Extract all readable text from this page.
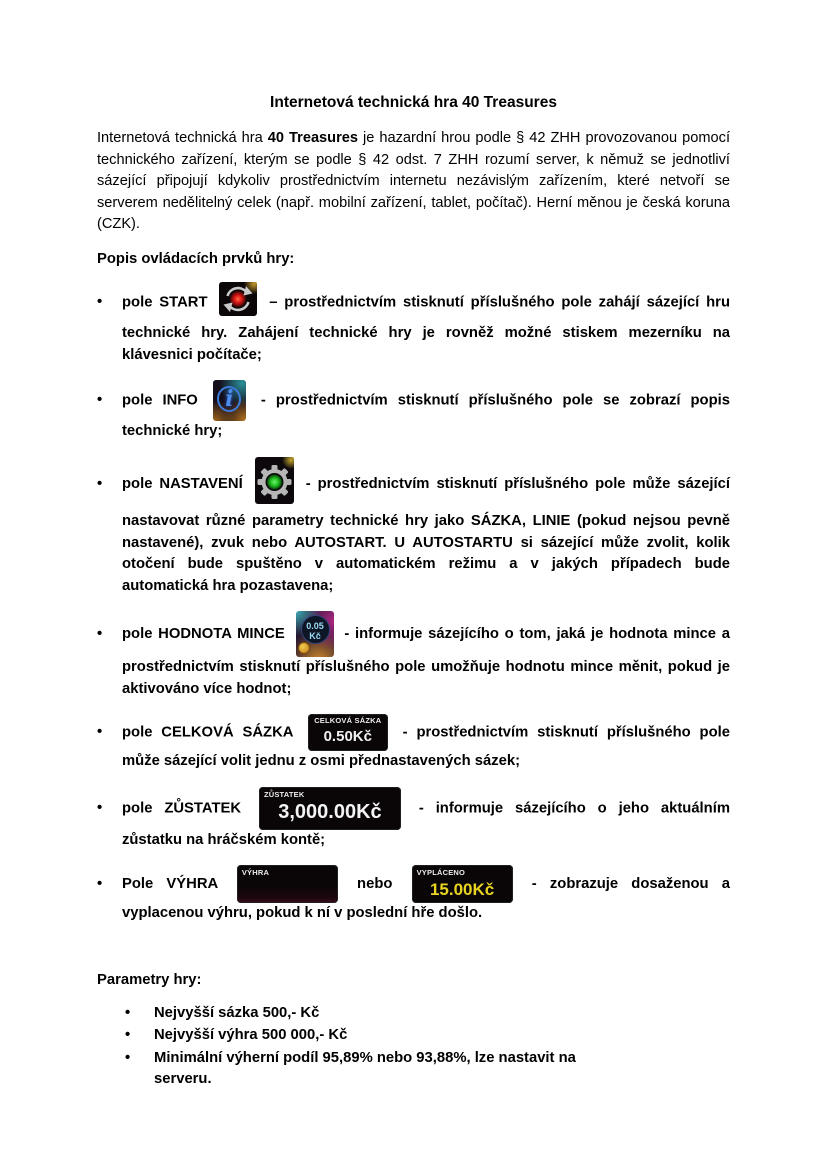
Internetová technická hra 40 Treasures

Internetová technická hra 40 Treasures je hazardní hrou podle § 42 ZHH provozovanou pomocí technického zařízení, kterým se podle § 42 odst. 7 ZHH rozumí server, k němuž se jednotliví sázející připojují kdykoliv prostřednictvím internetu nezávislým zařízením, které netvoří se serverem nedělitelný celek (např. mobilní zařízení, tablet, počítač). Herní měnou je česká koruna (CZK).

Popis ovládacích prvků hry:
• pole START	– prostřednictvím stisknutí příslušného pole zahájí sázející hru technické hry. Zahájení technické hry je rovněž možné stiskem mezerníku na klávesnici počítače;
• pole INFO	i	- prostřednictvím stisknutí příslušného pole se zobrazí popis technické hry;
• pole NASTAVENÍ	- prostřednictvím stisknutí příslušného pole může sázející nastavovat různé parametry technické hry jako SÁZKA, LINIE (pokud nejsou pevně nastavené), zvuk nebo AUTOSTART. U AUTOSTARTU si sázející může zvolit, kolik otočení bude spuštěno v automatickém režimu a v jakých případech bude automatická hra pozastavena;
• pole HODNOTA MINCE	0.05
Kč	- informuje sázejícího o tom, jaká je hodnota mince a prostřednictvím stisknutí příslušného pole umožňuje hodnotu mince měnit, pokud je aktivováno více hodnot;
• pole CELKOVÁ SÁZKA
CELKOVÁ SÁZKA
0.50Kč	- prostřednictvím stisknutí příslušného pole může sázející volit jednu z osmi přednastavených sázek;
• pole ZŮSTATEK
ZŮSTATEK
3,000.00Kč	- informuje sázejícího o jeho aktuálním zůstatku na hráčském kontě;
• Pole VÝHRA
VÝHRA
nebo
VYPLÁCENO
15.00Kč	- zobrazuje dosaženou a vyplacenou výhru, pokud k ní v poslední hře došlo.
Parametry hry:
• Nejvyšší sázka 500,- Kč
• Nejvyšší výhra 500 000,- Kč
• Minimální výherní podíl 95,89% nebo 93,88%, lze nastavit na serveru.
